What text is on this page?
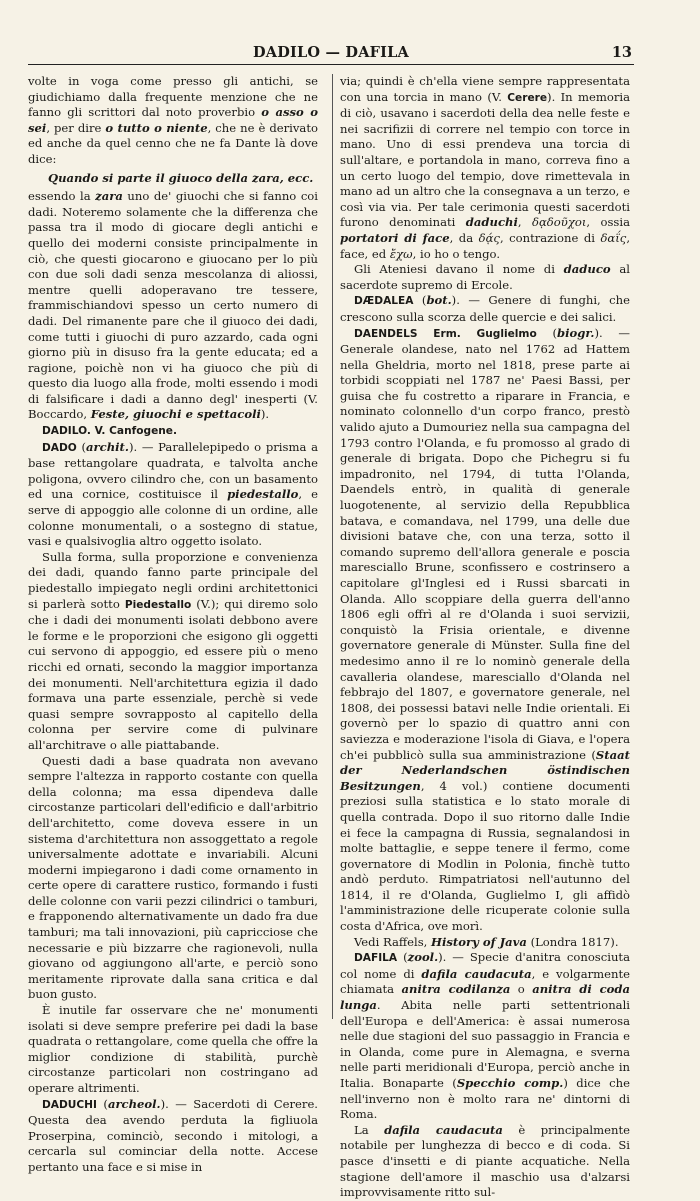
DADILO — DAFILA	13

volte in voga come presso gli antichi, se giudichiamo dalla frequente menzione che ne fanno gli scrittori dal noto proverbio o asso o sei, per dire o tutto o niente, che ne è derivato ed anche da quel cenno che ne fa Dante là dove dice:

Quando si parte il giuoco della zara, ecc.

essendo la zara uno de' giuochi che si fanno coi dadi. Noteremo solamente che la differenza che passa tra il modo di giocare degli antichi e quello dei moderni consiste principalmente in ciò, che questi giocarono e giuocano per lo più con due soli dadi senza mescolanza di aliossi, mentre quelli adoperavano tre tessere, frammischiandovi spesso un certo numero di dadi. Del rimanente pare che il giuoco dei dadi, come tutti i giuochi di puro azzardo, cada ogni giorno più in disuso fra la gente educata; ed a ragione, poichè non vi ha giuoco che più di questo dia luogo alla frode, molti essendo i modi di falsificare i dadi a danno degl' inesperti (V. Boccardo, Feste, giuochi e spettacoli).

DADILO. V. Canfogene.

DADO (archit.). — Parallelepipedo o prisma a base rettangolare quadrata, e talvolta anche poligona, ovvero cilindro che, con un basamento ed una cornice, costituisce il piedestallo, e serve di appoggio alle colonne di un ordine, alle colonne monumentali, o a sostegno di statue, vasi e qualsivoglia altro oggetto isolato.

Sulla forma, sulla proporzione e convenienza dei dadi, quando fanno parte principale del piedestallo impiegato negli ordini architettonici si parlerà sotto Piedestallo (V.); qui diremo solo che i dadi dei monumenti isolati debbono avere le forme e le proporzioni che esigono gli oggetti cui servono di appoggio, ed essere più o meno ricchi ed ornati, secondo la maggior importanza dei monumenti. Nell'architettura egizia il dado formava una parte essenziale, perchè si vede quasi sempre sovrapposto al capitello della colonna per servire come di pulvinare all'architrave o alle piattabande.

Questi dadi a base quadrata non avevano sempre l'altezza in rapporto costante con quella della colonna; ma essa dipendeva dalle circostanze particolari dell'edificio e dall'arbitrio dell'architetto, come doveva essere in un sistema d'architettura non assoggettato a regole universalmente adottate e invariabili. Alcuni moderni impiegarono i dadi come ornamento in certe opere di carattere rustico, formando i fusti delle colonne con varii pezzi cilindrici o tamburi, e frapponendo alternativamente un dado fra due tamburi; ma tali innovazioni, più capricciose che necessarie e più bizzarre che ragionevoli, nulla giovano od aggiungono all'arte, e perciò sono meritamente riprovate dalla sana critica e dal buon gusto.

È inutile far osservare che ne' monumenti isolati si deve sempre preferire pei dadi la base quadrata o rettangolare, come quella che offre la miglior condizione di stabilità, purchè circostanze particolari non costringano ad operare altrimenti.

DADUCHI (archeol.). — Sacerdoti di Cerere. Questa dea avendo perduta la figliuola Proserpina, cominciò, secondo i mitologi, a cercarla sul cominciar della notte. Accese pertanto una face e si mise in

via; quindi è ch'ella viene sempre rappresentata con una torcia in mano (V. Cerere). In memoria di ciò, usavano i sacerdoti della dea nelle feste e nei sacrifizii di correre nel tempio con torce in mano. Uno di essi prendeva una torcia di sull'altare, e portandola in mano, correva fino a un certo luogo del tempio, dove rimettevala in mano ad un altro che la consegnava a un terzo, e così via via. Per tale cerimonia questi sacerdoti furono denominati daduchi, δᾳδοῦχοι, ossia portatori di face, da δᾴς, contrazione di δαΐς, face, ed ἔχω, io ho o tengo.

Gli Ateniesi davano il nome di daduco al sacerdote supremo di Ercole.

DÆDALEA (bot.). — Genere di funghi, che crescono sulla scorza delle quercie e dei salici.

DAENDELS Erm. Guglielmo (biogr.). — Generale olandese, nato nel 1762 ad Hattem nella Gheldria, morto nel 1818, prese parte ai torbidi scoppiati nel 1787 ne' Paesi Bassi, per guisa che fu costretto a riparare in Francia, e nominato colonnello d'un corpo franco, prestò valido ajuto a Dumouriez nella sua campagna del 1793 contro l'Olanda, e fu promosso al grado di generale di brigata. Dopo che Pichegru si fu impadronito, nel 1794, di tutta l'Olanda, Daendels entrò, in qualità di generale luogotenente, al servizio della Repubblica batava, e comandava, nel 1799, una delle due divisioni batave che, con una terza, sotto il comando supremo dell'allora generale e poscia maresciallo Brune, sconfissero e costrinsero a capitolare gl'Inglesi ed i Russi sbarcati in Olanda. Allo scoppiare della guerra dell'anno 1806 egli offrì al re d'Olanda i suoi servizii, conquistò la Frisia orientale, e divenne governatore generale di Münster. Sulla fine del medesimo anno il re lo nominò generale della cavalleria olandese, maresciallo d'Olanda nel febbrajo del 1807, e governatore generale, nel 1808, dei possessi batavi nelle Indie orientali. Ei governò per lo spazio di quattro anni con saviezza e moderazione l'isola di Giava, e l'opera ch'ei pubblicò sulla sua amministrazione (Staat der Nederlandschen östindischen Besitzungen, 4 vol.) contiene documenti preziosi sulla statistica e lo stato morale di quella contrada. Dopo il suo ritorno dalle Indie ei fece la campagna di Russia, segnalandosi in molte battaglie, e seppe tenere il fermo, come governatore di Modlin in Polonia, finchè tutto andò perduto. Rimpatriatosi nell'autunno del 1814, il re d'Olanda, Guglielmo I, gli affidò l'amministrazione delle ricuperate colonie sulla costa d'Africa, ove morì.

Vedi Raffels, History of Java (Londra 1817).

DAFILA (zool.). — Specie d'anitra conosciuta col nome di dafila caudacuta, e volgarmente chiamata anitra codilanza o anitra di coda lunga. Abita nelle parti settentrionali dell'Europa e dell'America: è assai numerosa nelle due stagioni del suo passaggio in Francia e in Olanda, come pure in Alemagna, e sverna nelle parti meridionali d'Europa, perciò anche in Italia. Bonaparte (Specchio comp.) dice che nell'inverno non è molto rara ne' dintorni di Roma.

La dafila caudacuta è principalmente notabile per lunghezza di becco e di coda. Si pasce d'insetti e di piante acquatiche. Nella stagione dell'amore il maschio usa d'alzarsi improvvisamente ritto sul-
